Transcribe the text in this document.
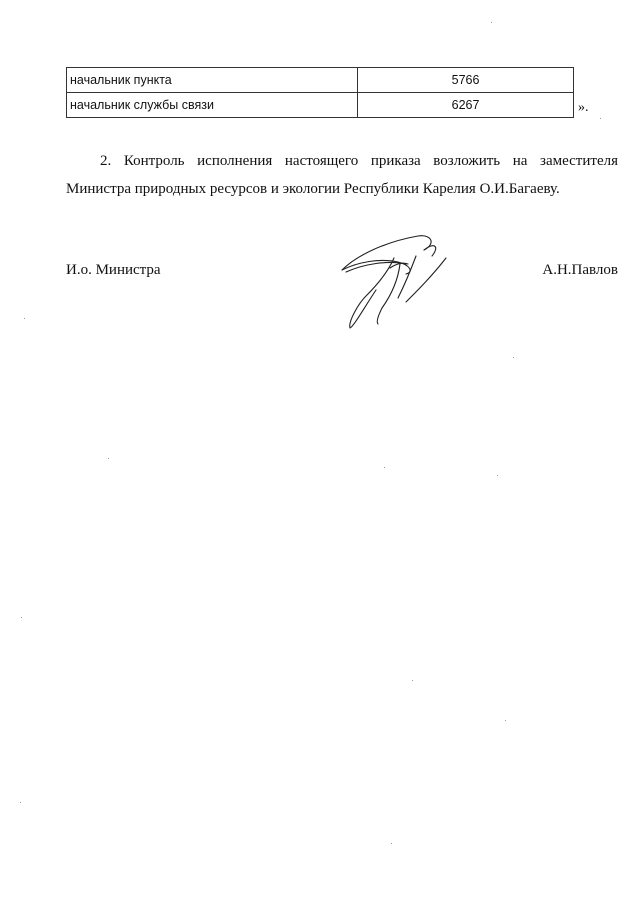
начальник пункта	5766
начальник службы связи	6267	».

2. Контроль исполнения настоящего приказа возложить на заместителя Министра природных ресурсов и экологии Республики Карелия О.И.Багаеву.

И.о. Министра	А.Н.Павлов
